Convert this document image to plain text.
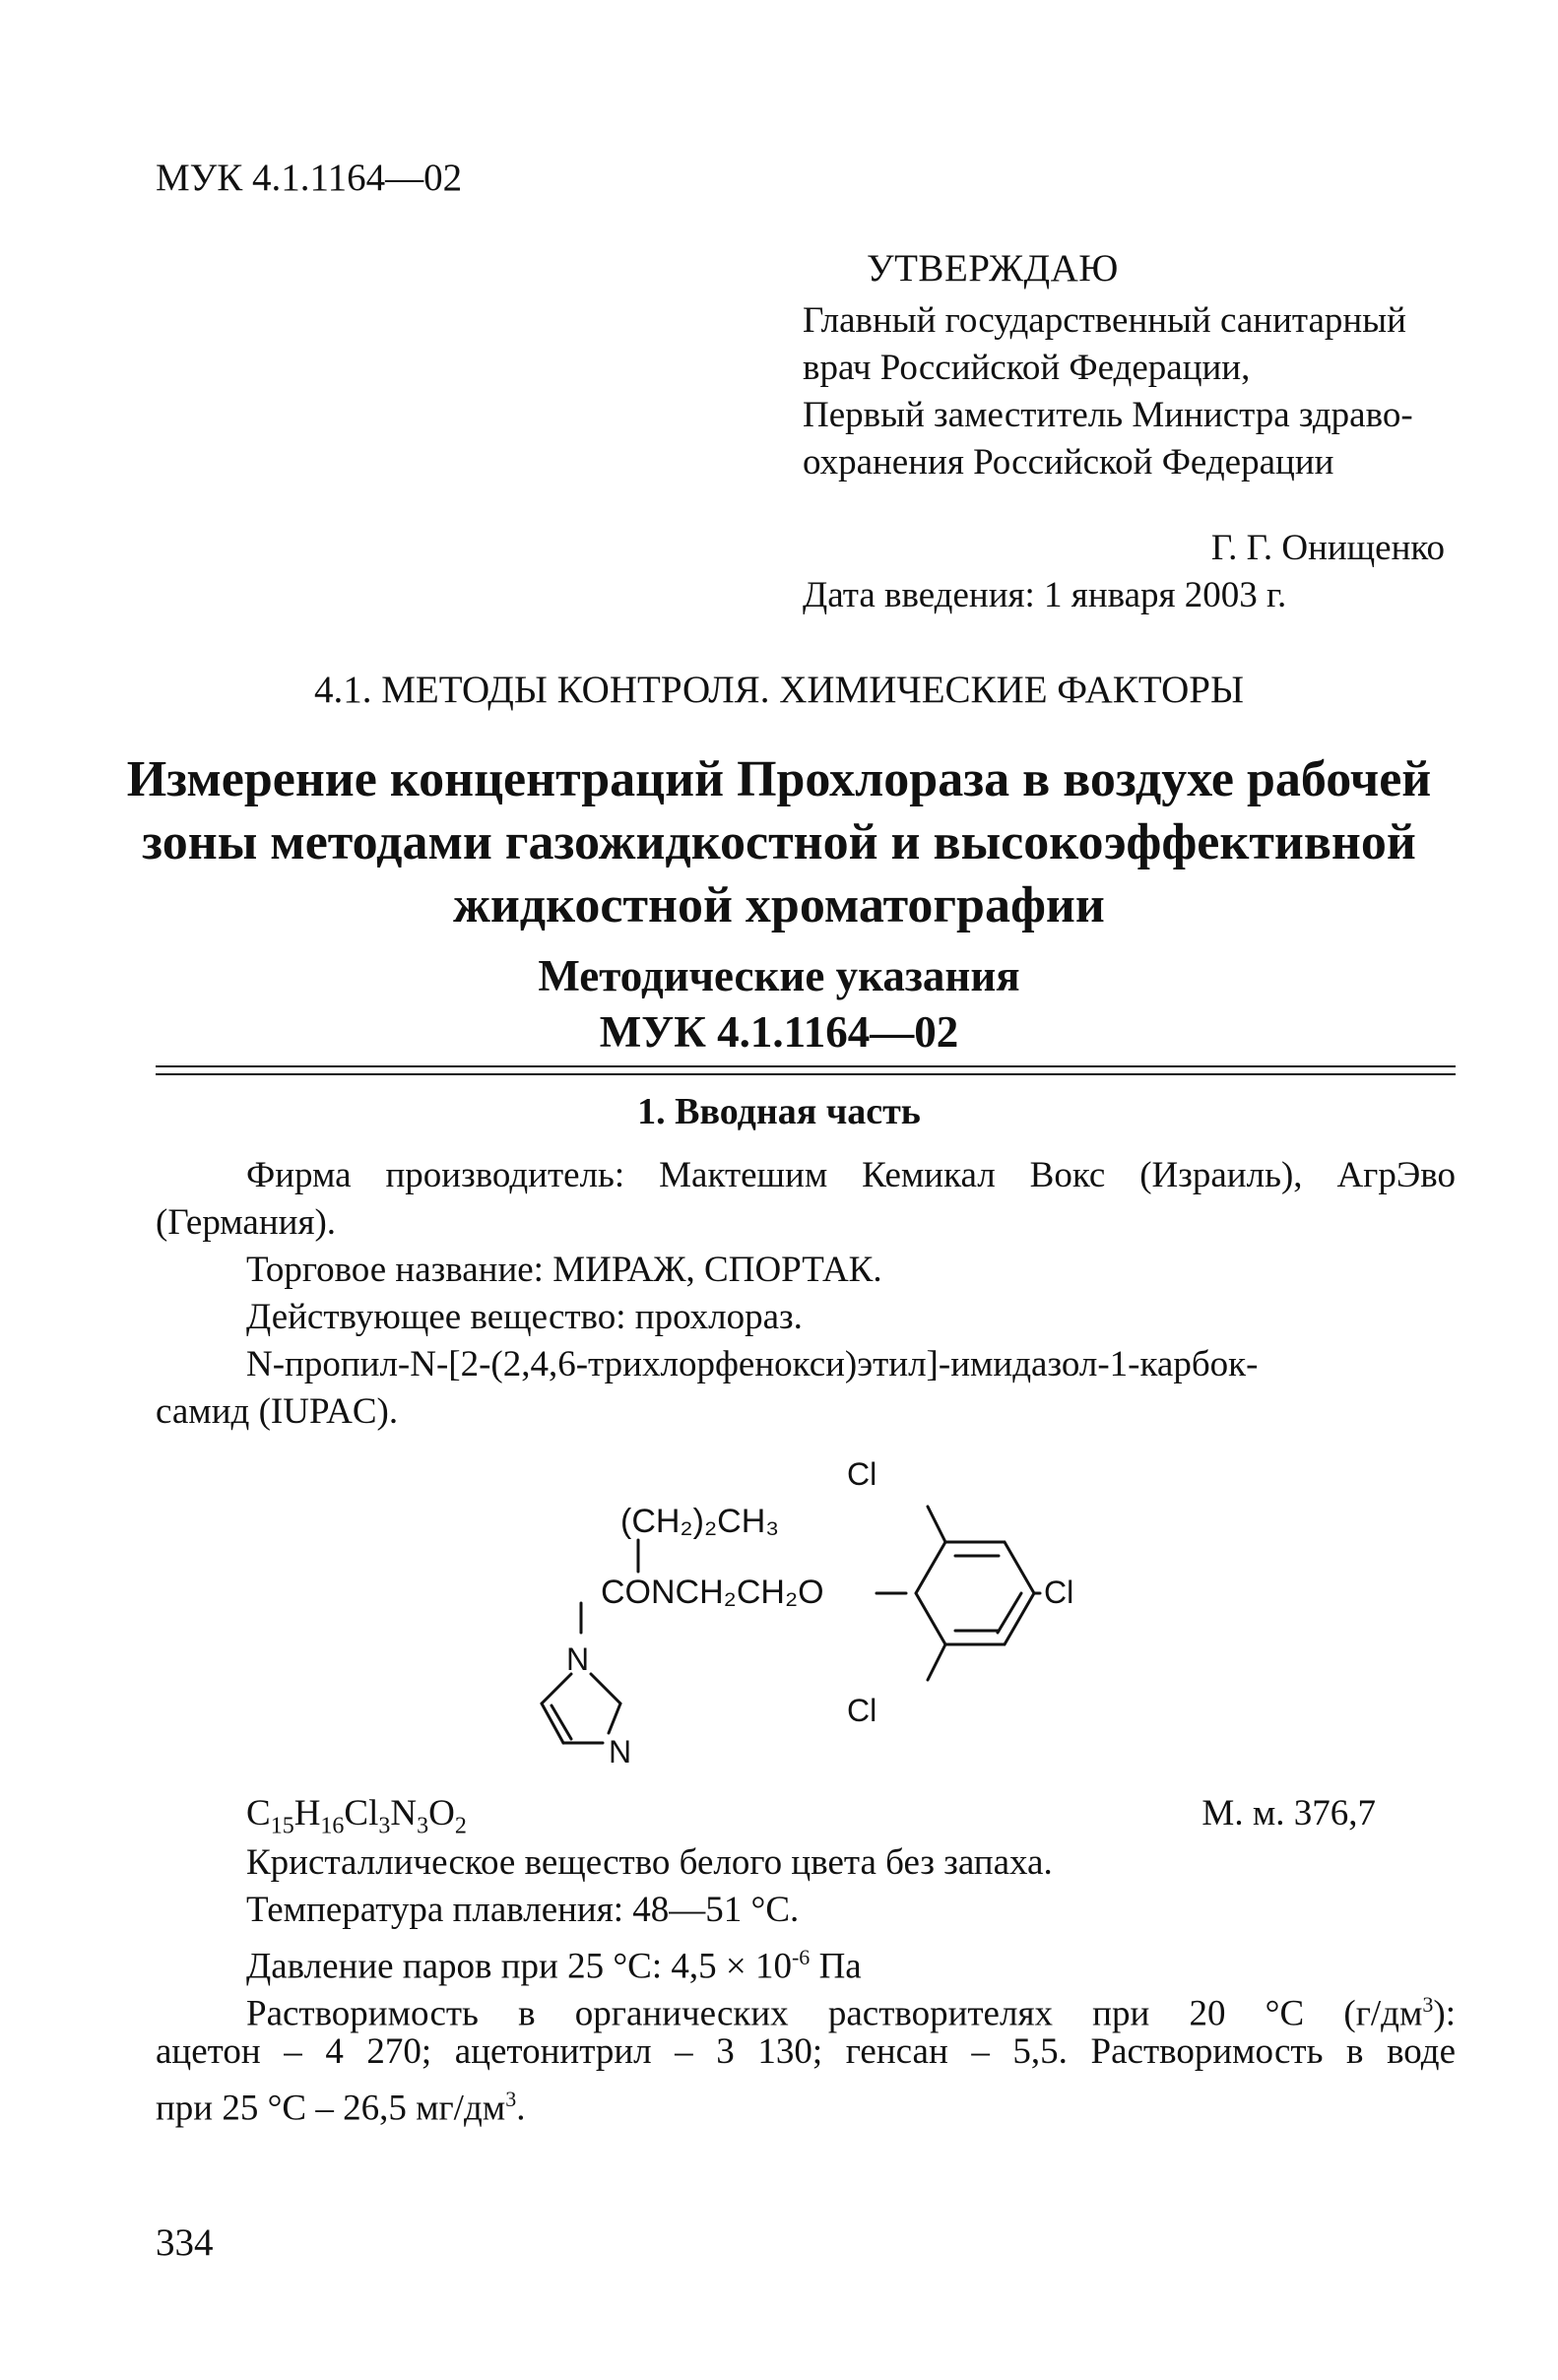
МУК 4.1.1164—02
УТВЕРЖДАЮ
Главный государственный санитарный
врач Российской Федерации,
Первый заместитель Министра здраво-
охранения Российской Федерации
Г. Г. Онищенко
Дата введения: 1 января 2003 г.
4.1. МЕТОДЫ КОНТРОЛЯ. ХИМИЧЕСКИЕ ФАКТОРЫ
Измерение концентраций Прохлораза в воздухе рабочей зоны методами газожидкостной и высокоэффективной жидкостной хроматографии
Методические указания
МУК 4.1.1164—02
1. Вводная часть
Фирма производитель: Мактешим Кемикал Вокс (Израиль), АгрЭво
(Германия).
Торговое название: МИРАЖ, СПОРТАК.
Действующее вещество: прохлораз.
N-пропил-N-[2-(2,4,6-трихлорфенокси)этил]-имидазол-1-карбок-
самид (IUPAC).
(CH₂)₂CH₃
CONCH₂CH₂O
Cl
Cl
Cl
N
N
$C_{15}H_{16}Cl_3N_3O_2$	М. м. 376,7
Кристаллическое вещество белого цвета без запаха.
Температура плавления: 48—51 °С.
Давление паров при 25 °С: $4,5 \times 10^{-6}$ Па
Растворимость в органических растворителях при 20 °С $(г/дм^3)$:
ацетон – 4 270; ацетонитрил – 3 130; генсан – 5,5. Растворимость в воде
при 25 °С – 26,5 $мг/дм^3$.
334
